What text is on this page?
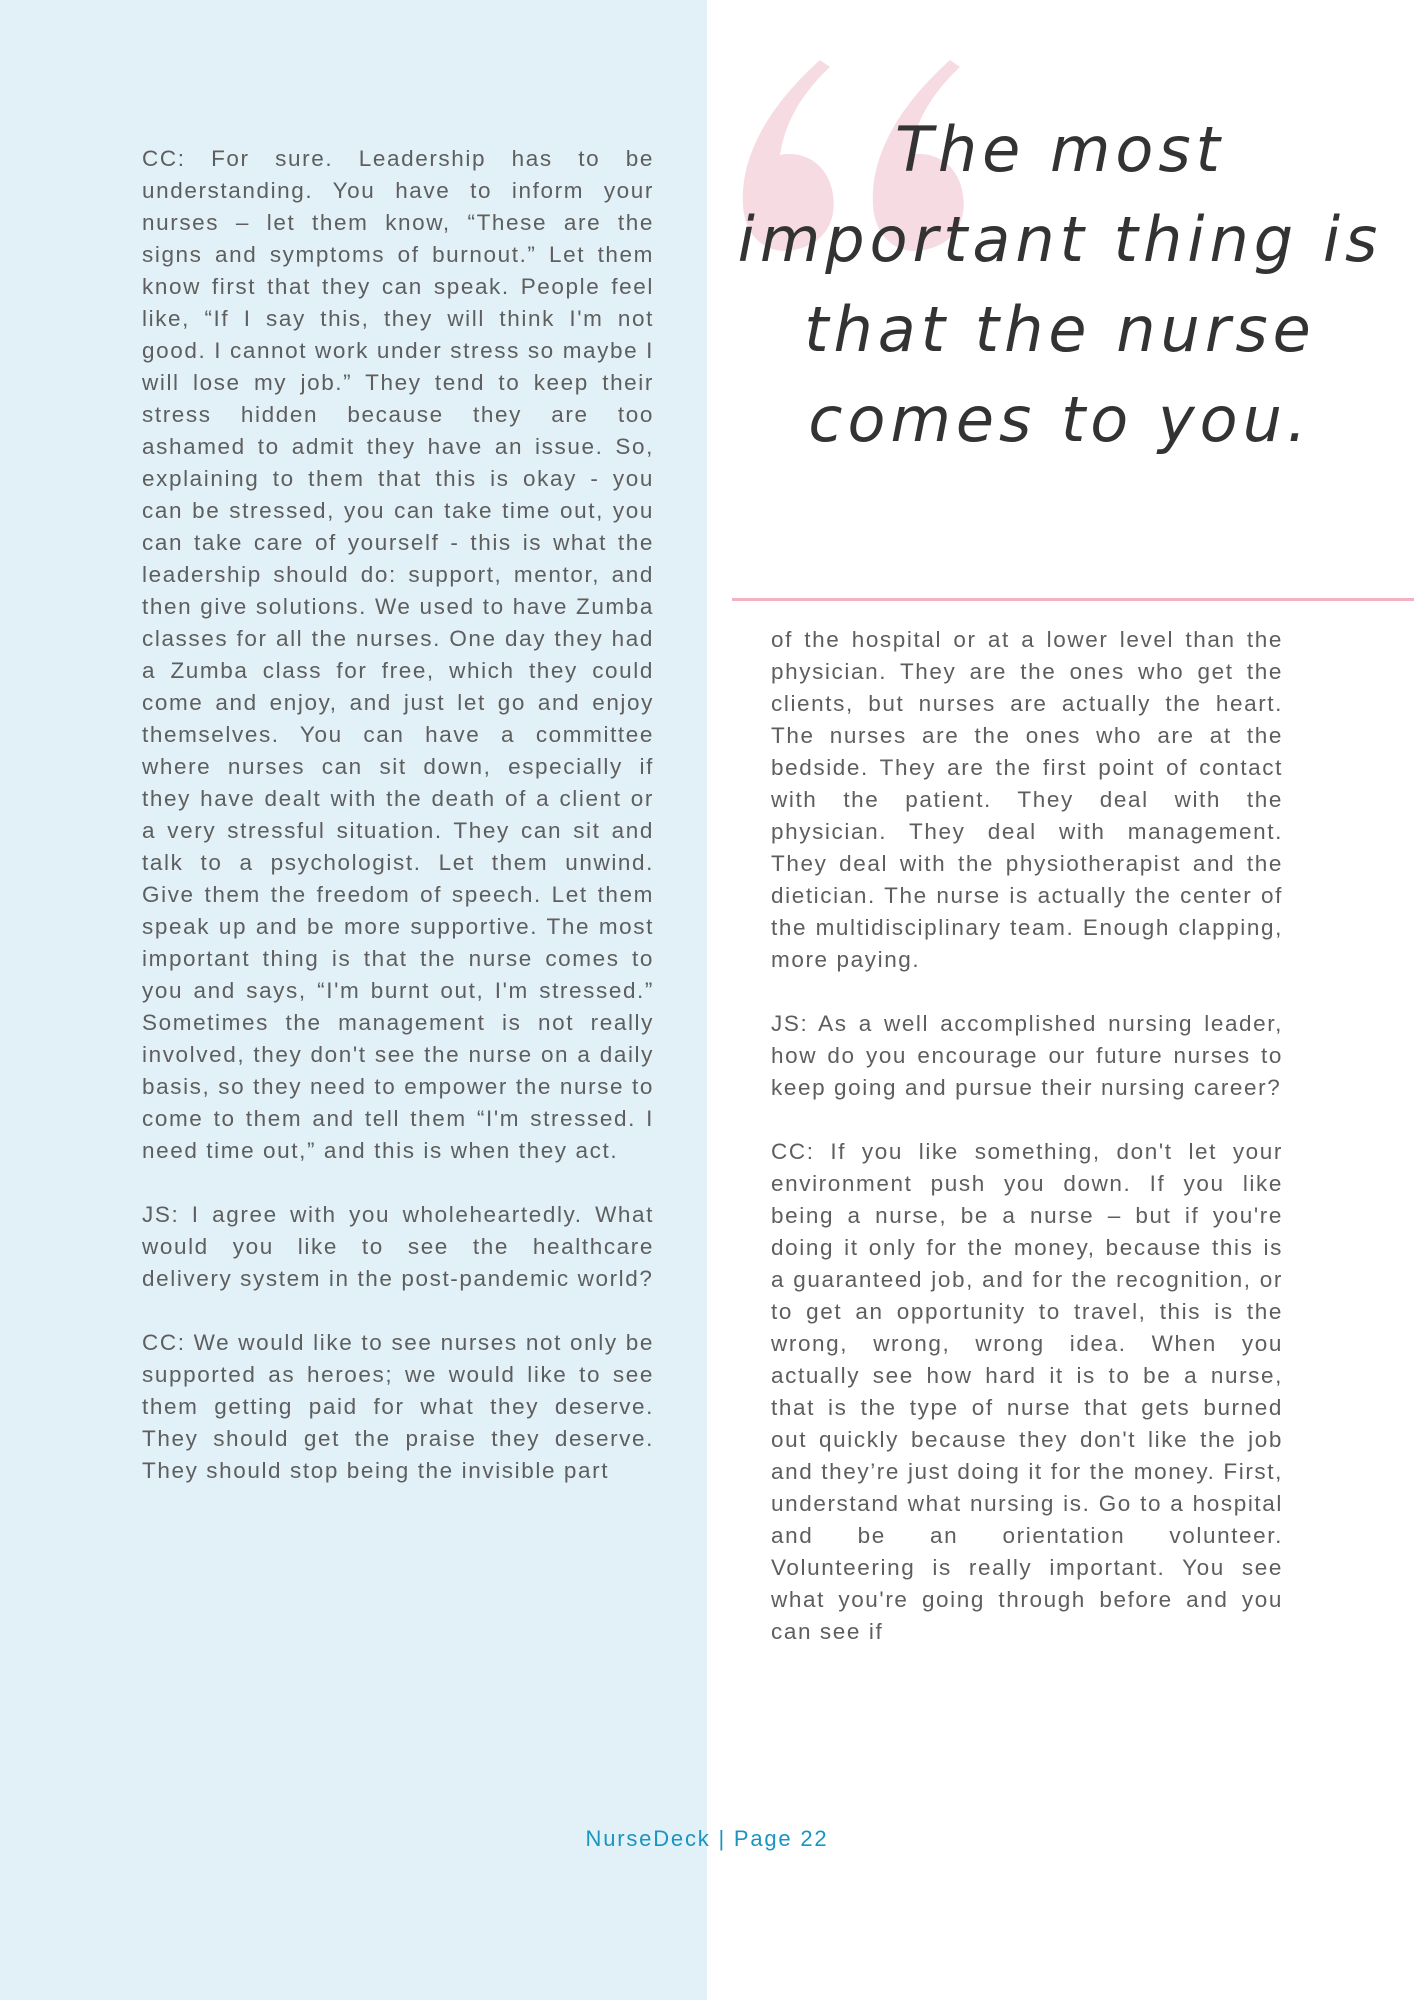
CC: For sure. Leadership has to be understanding. You have to inform your nurses – let them know, “These are the signs and symptoms of burnout.” Let them know first that they can speak. People feel like, “If I say this, they will think I'm not good. I cannot work under stress so maybe I will lose my job.” They tend to keep their stress hidden because they are too ashamed to admit they have an issue. So, explaining to them that this is okay - you can be stressed, you can take time out, you can take care of yourself - this is what the leadership should do: support, mentor, and then give solutions. We used to have Zumba classes for all the nurses. One day they had a Zumba class for free, which they could come and enjoy, and just let go and enjoy themselves. You can have a committee where nurses can sit down, especially if they have dealt with the death of a client or a very stressful situation. They can sit and talk to a psychologist. Let them unwind. Give them the freedom of speech. Let them speak up and be more supportive. The most important thing is that the nurse comes to you and says, “I'm burnt out, I'm stressed.” Sometimes the management is not really involved, they don't see the nurse on a daily basis, so they need to empower the nurse to come to them and tell them “I'm stressed. I need time out,” and this is when they act.

JS: I agree with you wholeheartedly. What would you like to see the healthcare delivery system in the post-pandemic world?

CC: We would like to see nurses not only be supported as heroes; we would like to see them getting paid for what they deserve. They should get the praise they deserve. They should stop being the invisible part

The most important thing is that the nurse comes to you.

of the hospital or at a lower level than the physician. They are the ones who get the clients, but nurses are actually the heart. The nurses are the ones who are at the bedside. They are the first point of contact with the patient. They deal with the physician. They deal with management. They deal with the physiotherapist and the dietician. The nurse is actually the center of the multidisciplinary team. Enough clapping, more paying.

JS: As a well accomplished nursing leader, how do you encourage our future nurses to keep going and pursue their nursing career?

CC: If you like something, don't let your environment push you down. If you like being a nurse, be a nurse – but if you're doing it only for the money, because this is a guaranteed job, and for the recognition, or to get an opportunity to travel, this is the wrong, wrong, wrong idea. When you actually see how hard it is to be a nurse, that is the type of nurse that gets burned out quickly because they don't like the job and they’re just doing it for the money. First, understand what nursing is. Go to a hospital and be an orientation volunteer. Volunteering is really important. You see what you're going through before and you can see if

NurseDeck | Page 22
